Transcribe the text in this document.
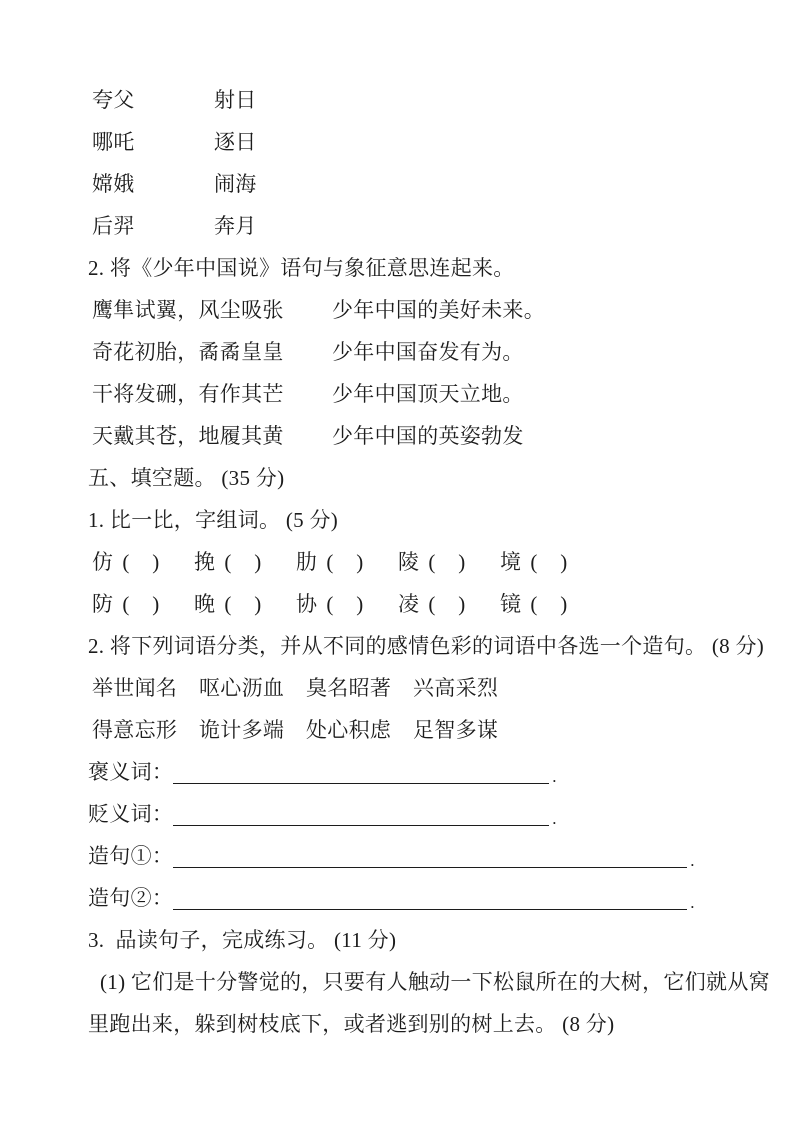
夸父	射日
哪吒	逐日
嫦娥	闹海
后羿	奔月
2. 将《少年中国说》语句与象征意思连起来。
鹰隼试翼，风尘吸张	少年中国的美好未来。
奇花初胎，矞矞皇皇	少年中国奋发有为。
干将发硎，有作其芒	少年中国顶天立地。
天戴其苍，地履其黄	少年中国的英姿勃发
五、填空题。 (35 分)
1. 比一比，字组词。 (5 分)
仿 (　) 挽 (　) 肋 (　) 陵 (　) 境 (　)
防 (　) 晚 (　) 协 (　) 凌 (　) 镜 (　)
2. 将下列词语分类，并从不同的感情色彩的词语中各选一个造句。 (8 分)
举世闻名	呕心沥血	臭名昭著	兴高采烈
得意忘形	诡计多端	处心积虑	足智多谋
褒义词：	.
贬义词：	.
造句①：	.
造句②：	.
3.  品读句子，完成练习。 (11 分)
(1) 它们是十分警觉的，只要有人触动一下松鼠所在的大树，它们就从窝
里跑出来，躲到树枝底下，或者逃到别的树上去。 (8 分)
